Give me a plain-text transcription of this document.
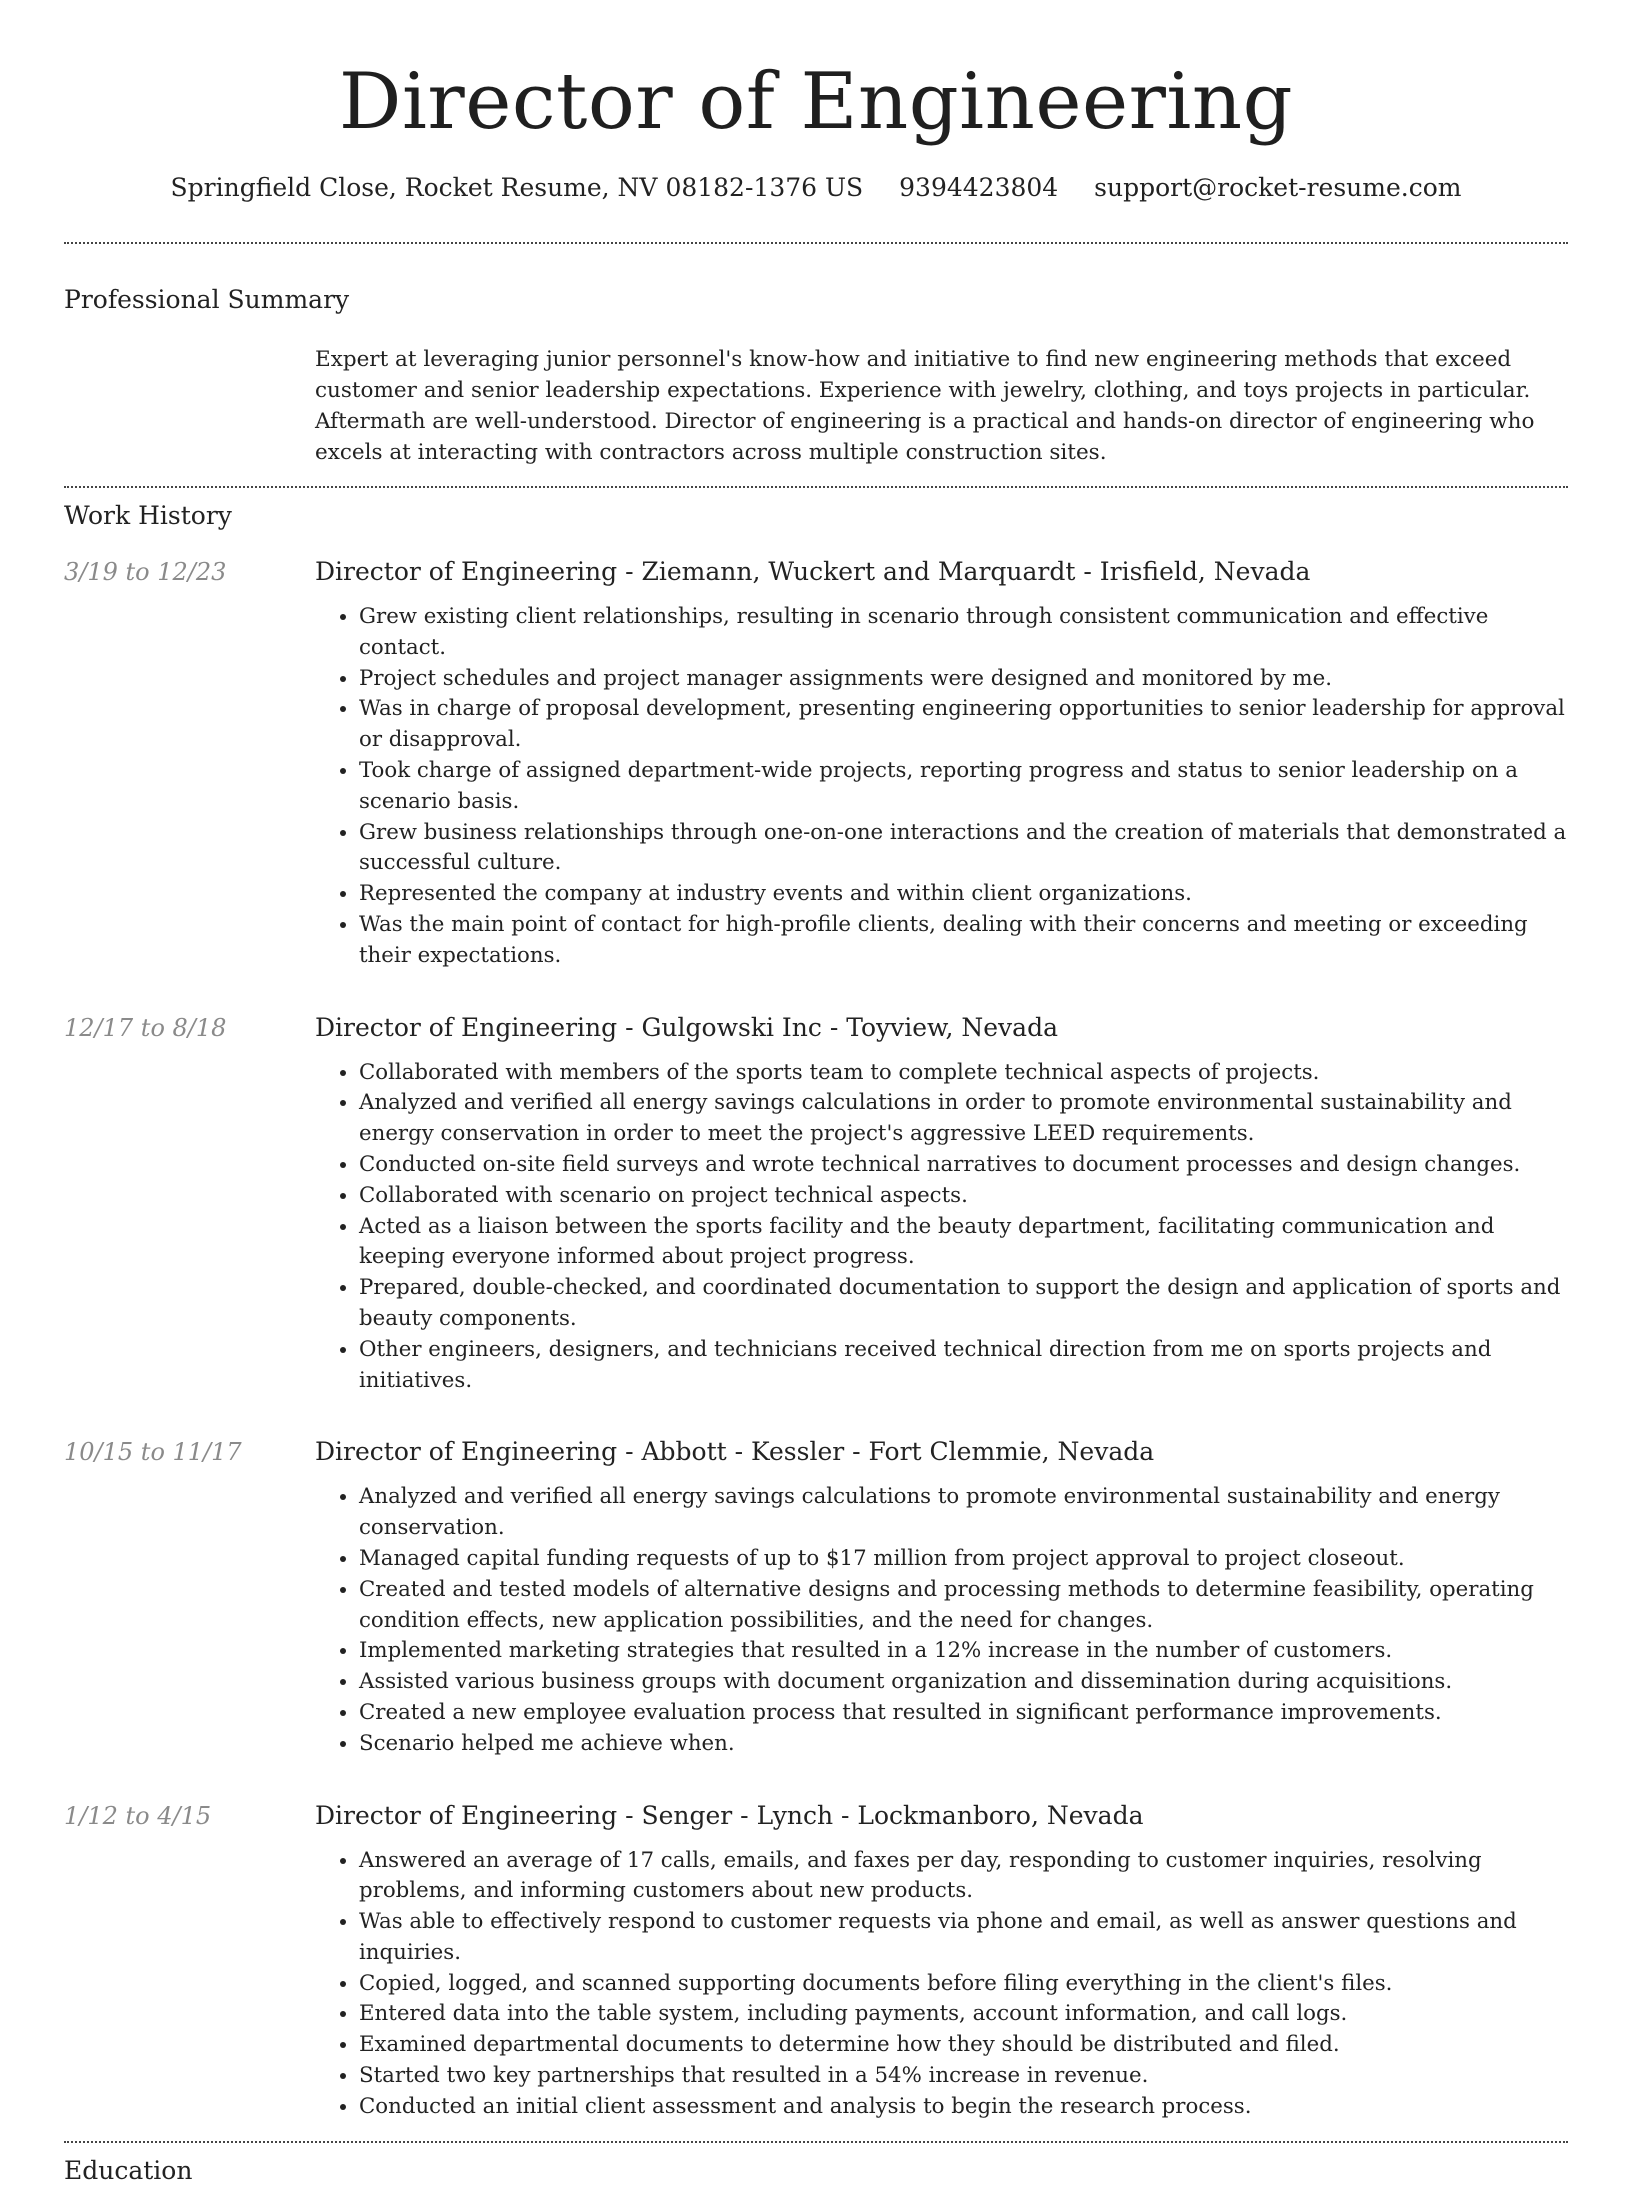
Director of Engineering
Springfield Close, Rocket Resume, NV 08182-1376 US 9394423804 support@rocket-resume.com
Professional Summary
Expert at leveraging junior personnel's know-how and initiative to find new engineering methods that exceed customer and senior leadership expectations. Experience with jewelry, clothing, and toys projects in particular. Aftermath are well-understood. Director of engineering is a practical and hands-on director of engineering who excels at interacting with contractors across multiple construction sites.
Work History
3/19 to 12/23	Director of Engineering - Ziemann, Wuckert and Marquardt - Irisfield, Nevada
• Grew existing client relationships, resulting in scenario through consistent communication and effective contact.
• Project schedules and project manager assignments were designed and monitored by me.
• Was in charge of proposal development, presenting engineering opportunities to senior leadership for approval or disapproval.
• Took charge of assigned department-wide projects, reporting progress and status to senior leadership on a scenario basis.
• Grew business relationships through one-on-one interactions and the creation of materials that demonstrated a successful culture.
• Represented the company at industry events and within client organizations.
• Was the main point of contact for high-profile clients, dealing with their concerns and meeting or exceeding their expectations.
12/17 to 8/18	Director of Engineering - Gulgowski Inc - Toyview, Nevada
• Collaborated with members of the sports team to complete technical aspects of projects.
• Analyzed and verified all energy savings calculations in order to promote environmental sustainability and energy conservation in order to meet the project's aggressive LEED requirements.
• Conducted on-site field surveys and wrote technical narratives to document processes and design changes.
• Collaborated with scenario on project technical aspects.
• Acted as a liaison between the sports facility and the beauty department, facilitating communication and keeping everyone informed about project progress.
• Prepared, double-checked, and coordinated documentation to support the design and application of sports and beauty components.
• Other engineers, designers, and technicians received technical direction from me on sports projects and initiatives.
10/15 to 11/17	Director of Engineering - Abbott - Kessler - Fort Clemmie, Nevada
• Analyzed and verified all energy savings calculations to promote environmental sustainability and energy conservation.
• Managed capital funding requests of up to $17 million from project approval to project closeout.
• Created and tested models of alternative designs and processing methods to determine feasibility, operating condition effects, new application possibilities, and the need for changes.
• Implemented marketing strategies that resulted in a 12% increase in the number of customers.
• Assisted various business groups with document organization and dissemination during acquisitions.
• Created a new employee evaluation process that resulted in significant performance improvements.
• Scenario helped me achieve when.
1/12 to 4/15	Director of Engineering - Senger - Lynch - Lockmanboro, Nevada
• Answered an average of 17 calls, emails, and faxes per day, responding to customer inquiries, resolving problems, and informing customers about new products.
• Was able to effectively respond to customer requests via phone and email, as well as answer questions and inquiries.
• Copied, logged, and scanned supporting documents before filing everything in the client's files.
• Entered data into the table system, including payments, account information, and call logs.
• Examined departmental documents to determine how they should be distributed and filed.
• Started two key partnerships that resulted in a 54% increase in revenue.
• Conducted an initial client assessment and analysis to begin the research process.
Education
